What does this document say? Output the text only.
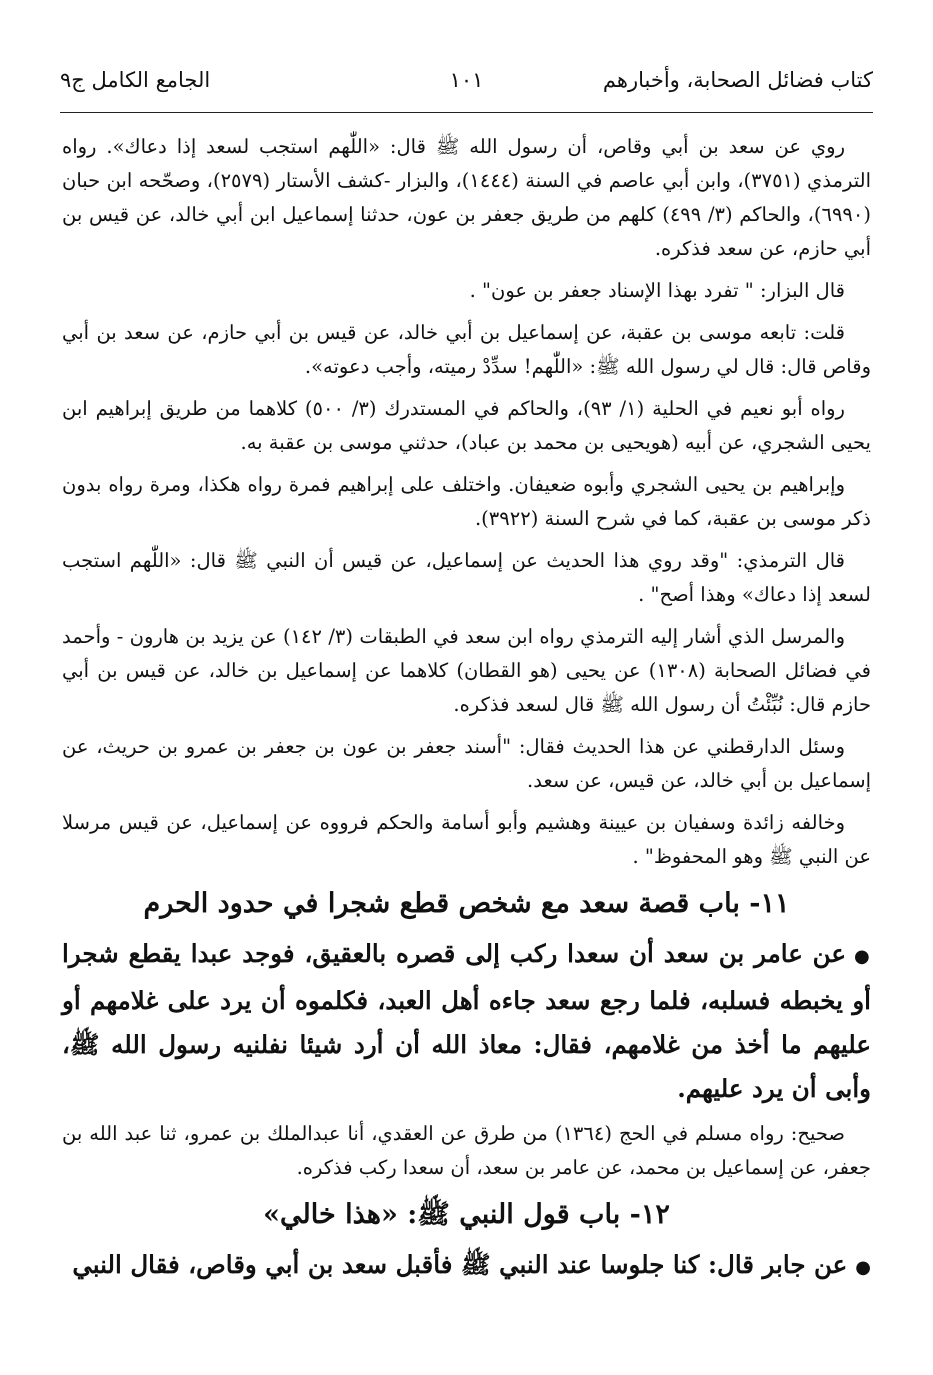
كتاب فضائل الصحابة، وأخبارهم
١٠١
الجامع الكامل ج٩

روي عن سعد بن أبي وقاص، أن رسول الله ﷺ قال: «اللّٰهم استجب لسعد إذا دعاك». رواه الترمذي (٣٧٥١)، وابن أبي عاصم في السنة (١٤٤٤)، والبزار -كشف الأستار (٢٥٧٩)، وصحّحه ابن حبان (٦٩٩٠)، والحاكم (٣/ ٤٩٩) كلهم من طريق جعفر بن عون، حدثنا إسماعيل ابن أبي خالد، عن قيس بن أبي حازم، عن سعد فذكره.

قال البزار: " تفرد بهذا الإسناد جعفر بن عون" .

قلت: تابعه موسى بن عقبة، عن إسماعيل بن أبي خالد، عن قيس بن أبي حازم، عن سعد بن أبي وقاص قال: قال لي رسول الله ﷺ: «اللّٰهم! سدِّدْ رميته، وأجب دعوته».

رواه أبو نعيم في الحلية (١/ ٩٣)، والحاكم في المستدرك (٣/ ٥٠٠) كلاهما من طريق إبراهيم ابن يحيى الشجري، عن أبيه (هويحيى بن محمد بن عباد)، حدثني موسى بن عقبة به.

وإبراهيم بن يحيى الشجري وأبوه ضعيفان. واختلف على إبراهيم فمرة رواه هكذا، ومرة رواه بدون ذكر موسى بن عقبة، كما في شرح السنة (٣٩٢٢).

قال الترمذي: "وقد روي هذا الحديث عن إسماعيل، عن قيس أن النبي ﷺ قال: «اللّٰهم استجب لسعد إذا دعاك» وهذا أصح" .

والمرسل الذي أشار إليه الترمذي رواه ابن سعد في الطبقات (٣/ ١٤٢) عن يزيد بن هارون - وأحمد في فضائل الصحابة (١٣٠٨) عن يحيى (هو القطان) كلاهما عن إسماعيل بن خالد، عن قيس بن أبي حازم قال: نُبِّئْتُ أن رسول الله ﷺ قال لسعد فذكره.

وسئل الدارقطني عن هذا الحديث فقال: "أسند جعفر بن عون بن جعفر بن عمرو بن حريث، عن إسماعيل بن أبي خالد، عن قيس، عن سعد.

وخالفه زائدة وسفيان بن عيينة وهشيم وأبو أسامة والحكم فرووه عن إسماعيل، عن قيس مرسلا عن النبي ﷺ وهو المحفوظ" .

١١- باب قصة سعد مع شخص قطع شجرا في حدود الحرم

●عن عامر بن سعد أن سعدا ركب إلى قصره بالعقيق، فوجد عبدا يقطع شجرا أو يخبطه فسلبه، فلما رجع سعد جاءه أهل العبد، فكلموه أن يرد على غلامهم أو عليهم ما أخذ من غلامهم، فقال: معاذ الله أن أرد شيئا نفلنيه رسول الله ﷺ، وأبى أن يرد عليهم.

صحيح: رواه مسلم في الحج (١٣٦٤) من طرق عن العقدي، أنا عبدالملك بن عمرو، ثنا عبد الله بن جعفر، عن إسماعيل بن محمد، عن عامر بن سعد، أن سعدا ركب فذكره.

١٢- باب قول النبي ﷺ: «هذا خالي»

●عن جابر قال: كنا جلوسا عند النبي ﷺ فأقبل سعد بن أبي وقاص، فقال النبي
